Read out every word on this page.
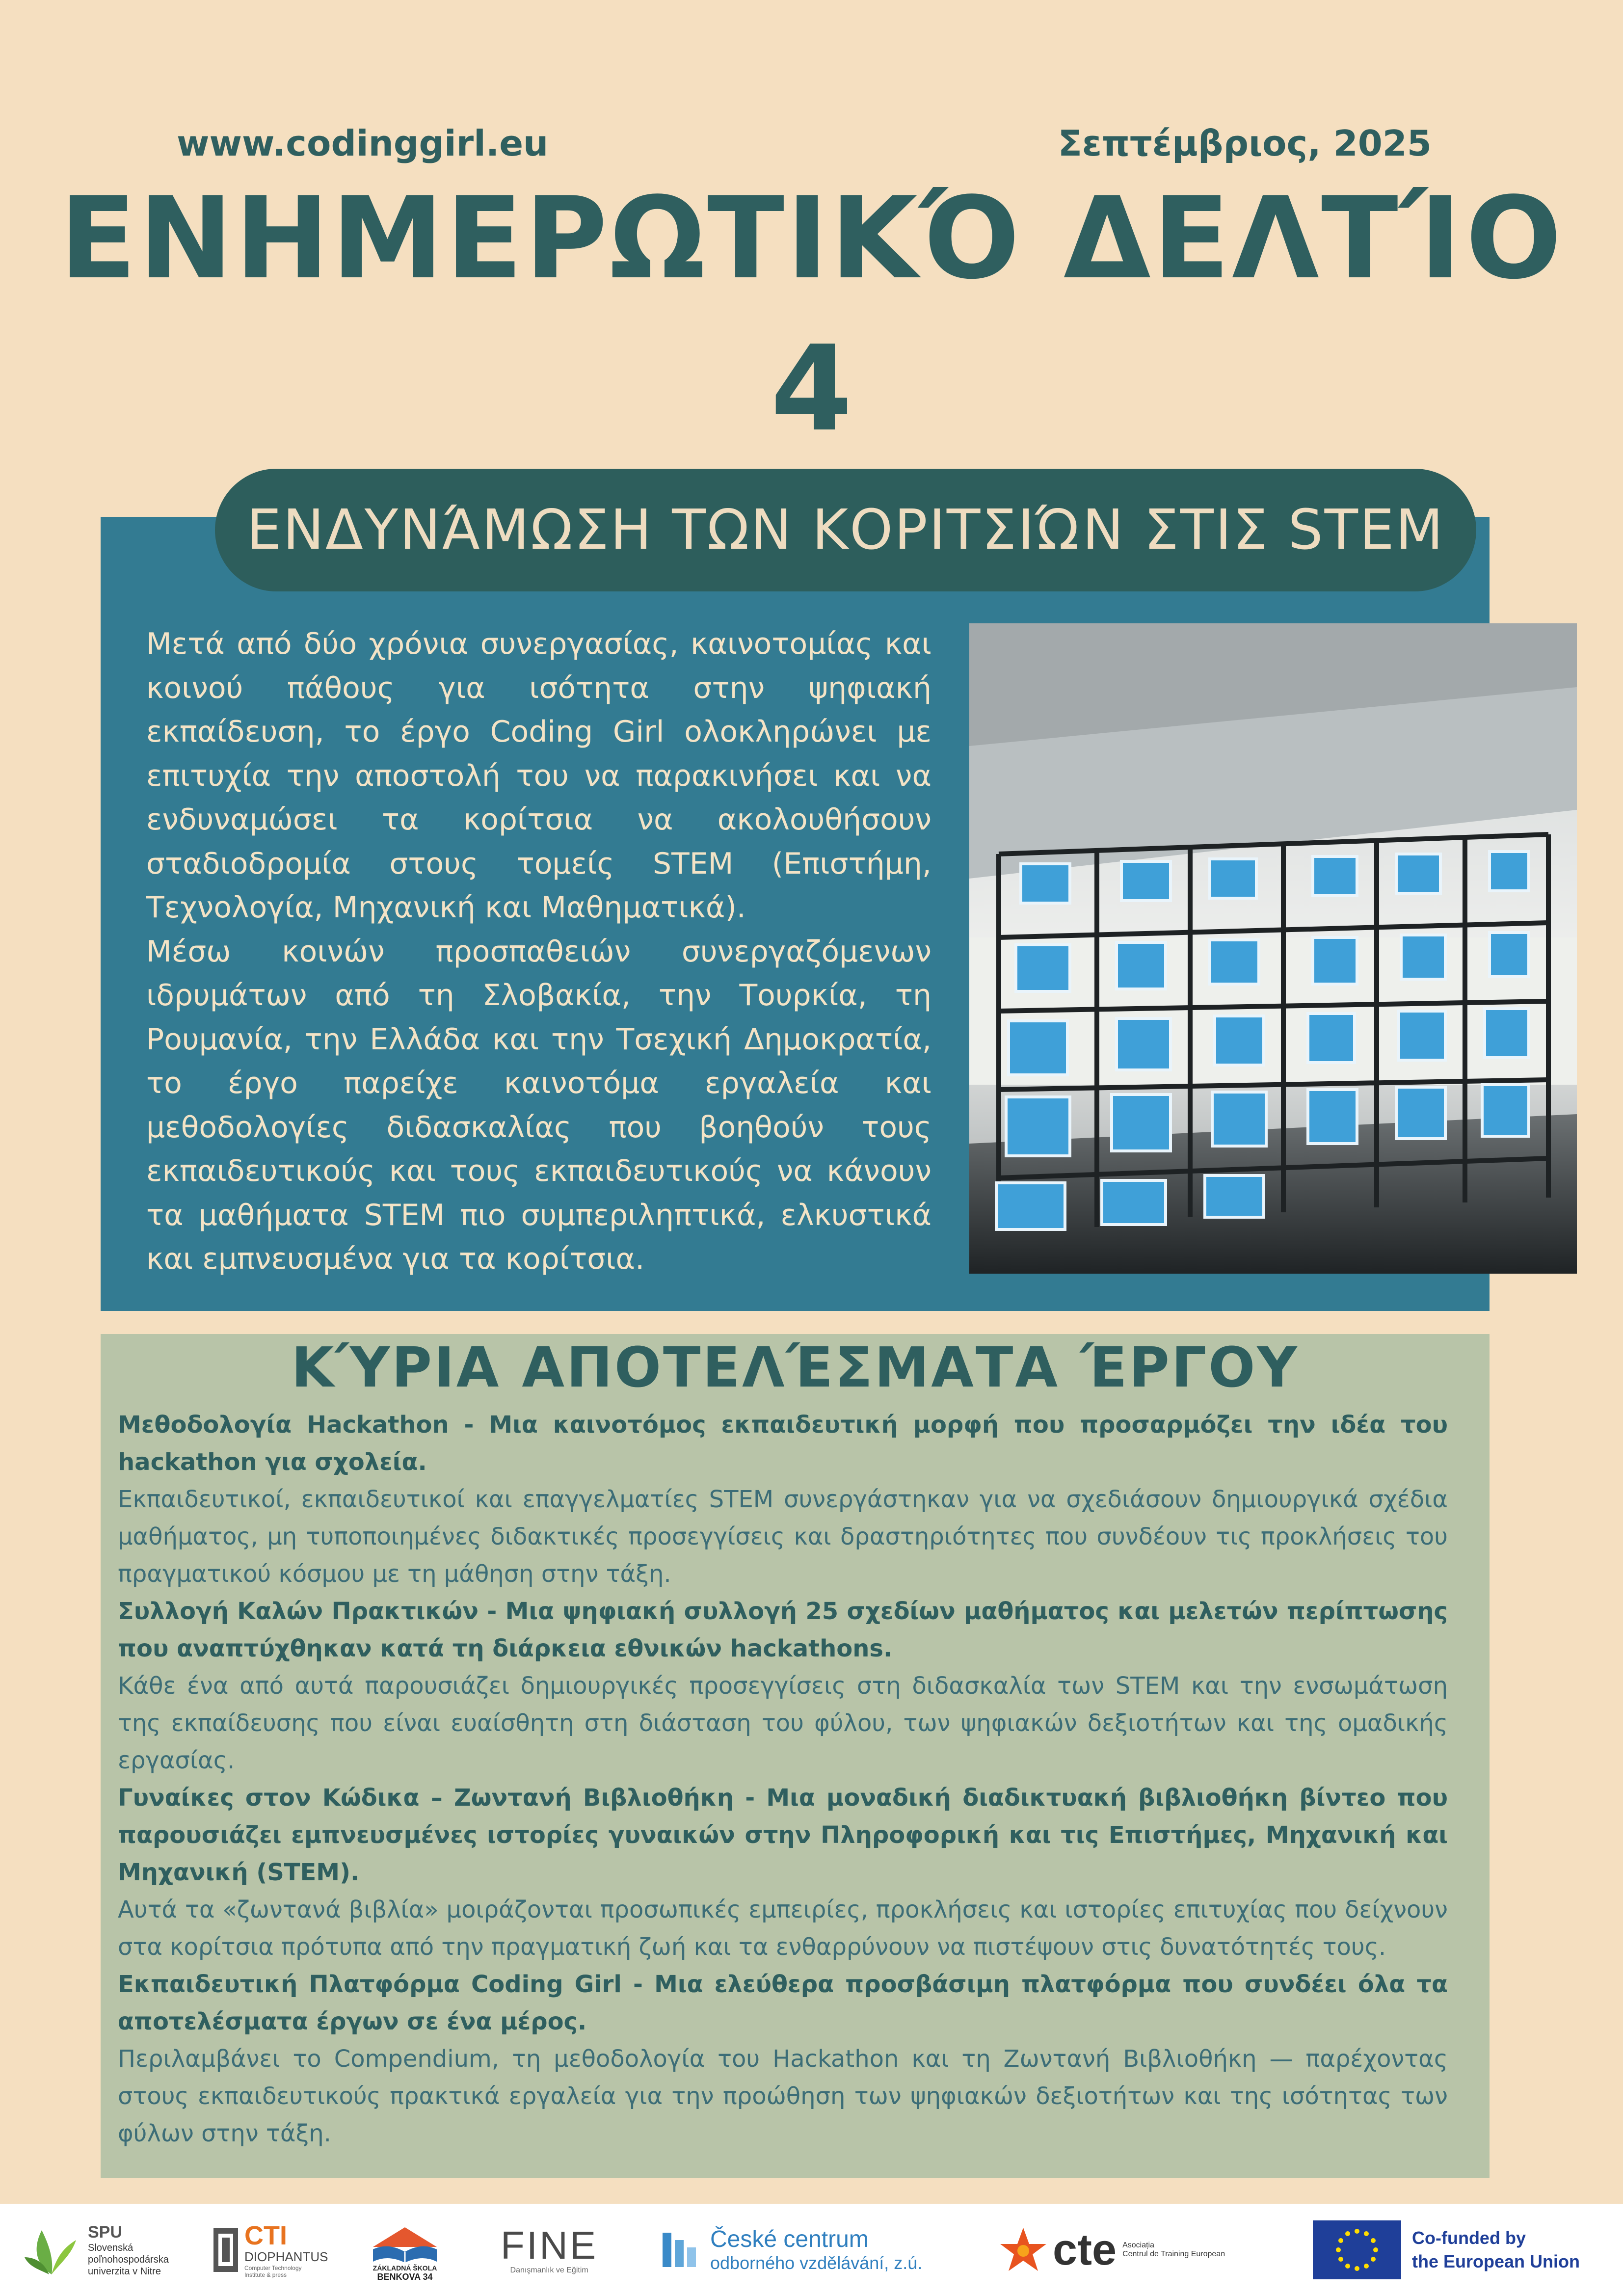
www.codinggirl.eu	Σεπτέμβριος, 2025
ΕΝΗΜΕΡΩΤΙΚΌ ΔΕΛΤΊΟ
4
ΕΝΔΥΝΆΜΩΣΗ ΤΩΝ ΚΟΡΙΤΣΙΏΝ ΣΤΙΣ STEM

Μετά από δύο χρόνια συνεργασίας, καινοτομίας και κοινού πάθους για ισότητα στην ψηφιακή εκπαίδευση, το έργο Coding Girl ολοκληρώνει με επιτυχία την αποστολή του να παρακινήσει και να ενδυναμώσει τα κορίτσια να ακολουθήσουν σταδιοδρομία στους τομείς STEM (Επιστήμη, Τεχνολογία, Μηχανική και Μαθηματικά).

Μέσω κοινών προσπαθειών συνεργαζόμενων ιδρυμάτων από τη Σλοβακία, την Τουρκία, τη Ρουμανία, την Ελλάδα και την Τσεχική Δημοκρατία, το έργο παρείχε καινοτόμα εργαλεία και μεθοδολογίες διδασκαλίας που βοηθούν τους εκπαιδευτικούς και τους εκπαιδευτικούς να κάνουν τα μαθήματα STEM πιο συμπεριληπτικά, ελκυστικά και εμπνευσμένα για τα κορίτσια.

ΚΎΡΙΑ ΑΠΟΤΕΛΈΣΜΑΤΑ ΈΡΓΟΥ

Μεθοδολογία Hackathon - Μια καινοτόμος εκπαιδευτική μορφή που προσαρμόζει την ιδέα του hackathon για σχολεία.

Εκπαιδευτικοί, εκπαιδευτικοί και επαγγελματίες STEM συνεργάστηκαν για να σχεδιάσουν δημιουργικά σχέδια μαθήματος, μη τυποποιημένες διδακτικές προσεγγίσεις και δραστηριότητες που συνδέουν τις προκλήσεις του πραγματικού κόσμου με τη μάθηση στην τάξη.

Συλλογή Καλών Πρακτικών - Μια ψηφιακή συλλογή 25 σχεδίων μαθήματος και μελετών περίπτωσης που αναπτύχθηκαν κατά τη διάρκεια εθνικών hackathons.

Κάθε ένα από αυτά παρουσιάζει δημιουργικές προσεγγίσεις στη διδασκαλία των STEM και την ενσωμάτωση της εκπαίδευσης που είναι ευαίσθητη στη διάσταση του φύλου, των ψηφιακών δεξιοτήτων και της ομαδικής εργασίας.

Γυναίκες στον Κώδικα – Ζωντανή Βιβλιοθήκη - Μια μοναδική διαδικτυακή βιβλιοθήκη βίντεο που παρουσιάζει εμπνευσμένες ιστορίες γυναικών στην Πληροφορική και τις Επιστήμες, Μηχανική και Μηχανική (STEM).

Αυτά τα «ζωντανά βιβλία» μοιράζονται προσωπικές εμπειρίες, προκλήσεις και ιστορίες επιτυχίας που δείχνουν στα κορίτσια πρότυπα από την πραγματική ζωή και τα ενθαρρύνουν να πιστέψουν στις δυνατότητές τους.

Εκπαιδευτική Πλατφόρμα Coding Girl - Μια ελεύθερα προσβάσιμη πλατφόρμα που συνδέει όλα τα αποτελέσματα έργων σε ένα μέρος.

Περιλαμβάνει το Compendium, τη μεθοδολογία του Hackathon και τη Ζωντανή Βιβλιοθήκη — παρέχοντας στους εκπαιδευτικούς πρακτικά εργαλεία για την προώθηση των ψηφιακών δεξιοτήτων και της ισότητας των φύλων στην τάξη.

SPU
Slovenská
poľnohospodárska
univerzita v Nitre
CTI
DIOPHANTUS
Computer Technology Institute & press
ZÁKLADNÁ ŠKOLA
BENKOVA 34
FINE
Danışmanlık ve Eğitim
České centrum
odborného vzdělávání, z.ú.	cte Asociația
Centrul de Training European
Co-funded by
the European Union
